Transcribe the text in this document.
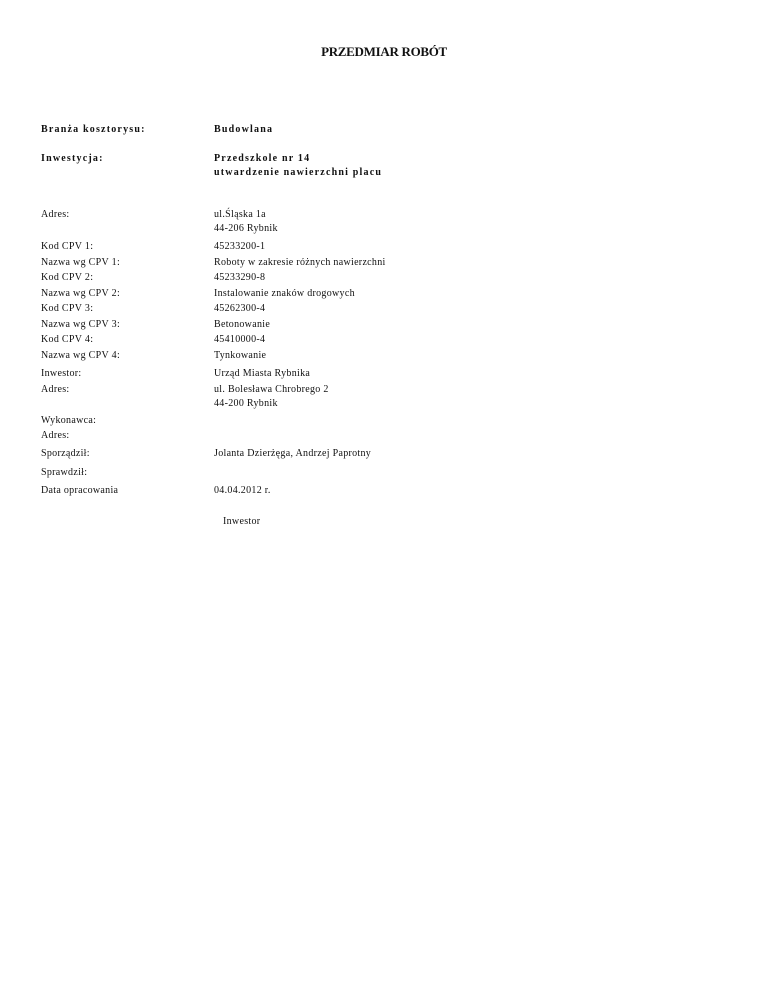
PRZEDMIAR ROBÓT
Branża kosztorysu:	Budowlana
Inwestycja:	Przedszkole nr 14
utwardzenie nawierzchni placu
Adres:	ul.Śląska 1a
44-206 Rybnik
Kod CPV 1:	45233200-1
Nazwa wg CPV 1:	Roboty w zakresie różnych nawierzchni
Kod CPV 2:	45233290-8
Nazwa wg CPV 2:	Instalowanie znaków drogowych
Kod CPV 3:	45262300-4
Nazwa wg CPV 3:	Betonowanie
Kod CPV 4:	45410000-4
Nazwa wg CPV 4:	Tynkowanie
Inwestor:	Urząd Miasta Rybnika
Adres:	ul. Bolesława Chrobrego 2
44-200 Rybnik
Wykonawca:
Adres:
Sporządził:	Jolanta Dzierżęga, Andrzej Paprotny
Sprawdził:
Data opracowania	04.04.2012 r.
Inwestor
